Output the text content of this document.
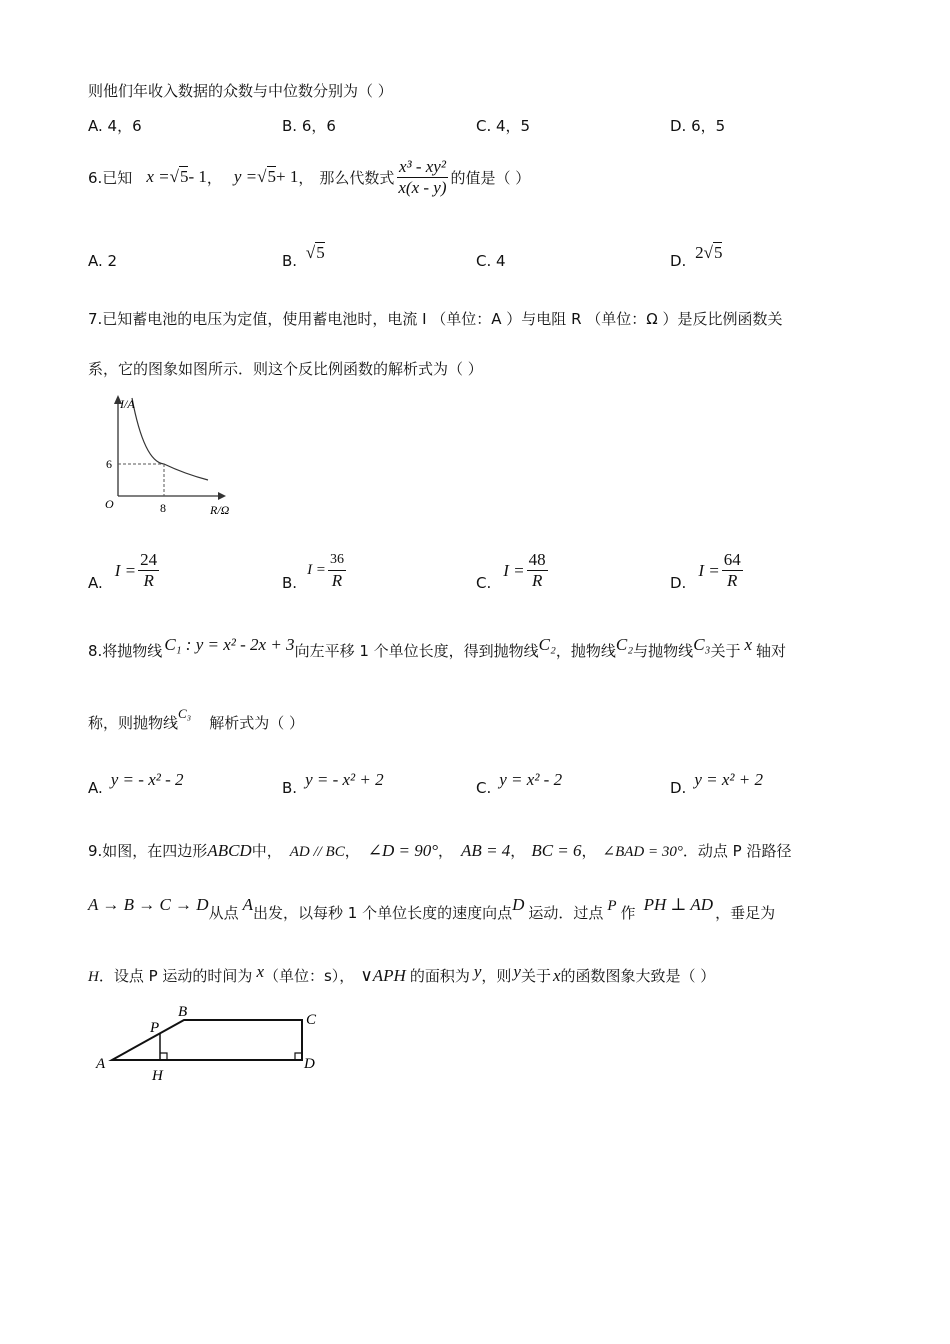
则他们年收入数据的众数与中位数分别为（ ）
A. 4，6	B. 6，6	C. 4，5	D. 6，5
6.已知 x = √5 - 1 ， y = √5 + 1 ， 那么代数式 $\frac{\text{x³ - xy²}}{x(x - y)}$ 的值是（ ）
A. 2	B. √5	C. 4	D. 2√5
7.已知蓄电池的电压为定值，使用蓄电池时，电流 I （单位：A ）与电阻 R （单位：Ω ）是反比例函数关
系，它的图象如图所示．则这个反比例函数的解析式为（ ）
I/A
6
O	8	R/Ω
A.
$I = \frac{24}{R}$	B.
$I = \frac{36}{R}$	C.
$I = \frac{48}{R}$	D.
$I = \frac{64}{R}$
8.将抛物线 C₁ : y = x² - 2x + 3 向左平移 1 个单位长度，得到抛物线 C₂ ，抛物线 C₂ 与抛物线 C₃ 关于 x 轴对
称，则抛物线
C₃
解析式为（ ）
A. y = - x² - 2	B. y = - x² + 2	C. y = x² - 2	D. y = x² + 2
9.如图，在四边形 ABCD 中， AD // BC ， ∠D = 90° ， AB = 4 ， BC = 6 ， ∠BAD = 30° ．动点 P 沿路径
A → B → C → D 从点 A 出发，以每秒 1 个单位长度的速度向点 D 运动．过点 P 作 PH ⊥ AD ，垂足为
H ．设点 P 运动的时间为 x （单位：s）， ∨APH 的面积为 y ，则 y 关于 x 的函数图象大致是（ ）
A
B	C
D
P
H
